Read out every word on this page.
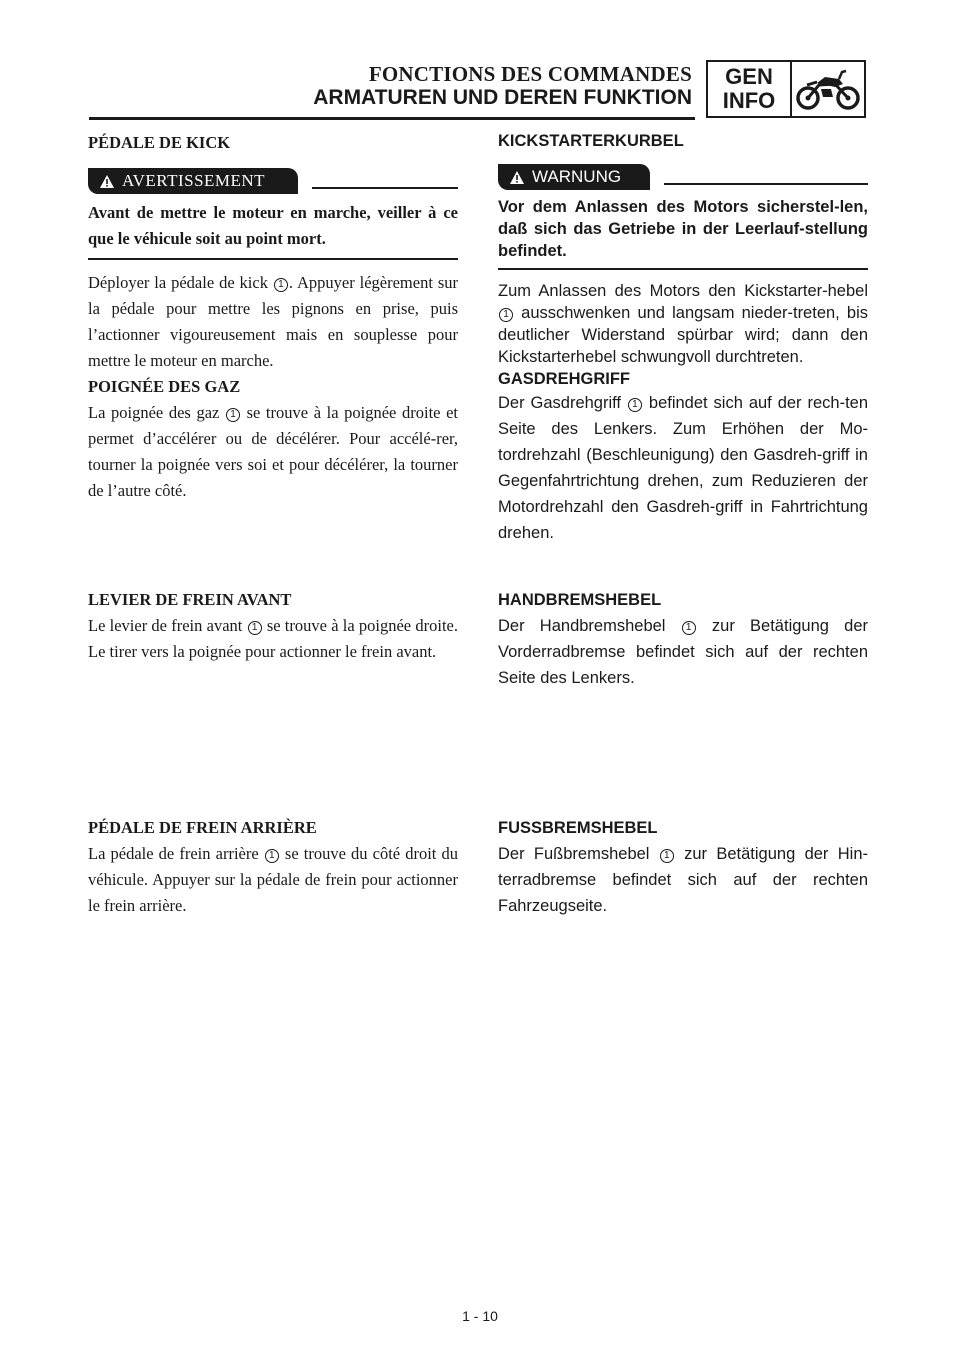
FONCTIONS DES COMMANDES
ARMATUREN UND DEREN FUNKTION
GEN
INFO

PÉDALE DE KICK

AVERTISSEMENT

Avant de mettre le moteur en marche, veiller à ce que le véhicule soit au point mort.

Déployer la pédale de kick 1 . Appuyer légèrement sur la pédale pour mettre les pignons en prise, puis l’actionner vigoureusement mais en souplesse pour mettre le moteur en marche.

POIGNÉE DES GAZ

La poignée des gaz 1 se trouve à la poignée droite et permet d’accélérer ou de décélérer. Pour accélé-rer, tourner la poignée vers soi et pour décélérer, la tourner de l’autre côté.

KICKSTARTERKURBEL

WARNUNG

Vor dem Anlassen des Motors sicherstel-len, daß sich das Getriebe in der Leerlauf-stellung befindet.

Zum Anlassen des Motors den Kickstarter-hebel 1 ausschwenken und langsam nieder-treten, bis deutlicher Widerstand spürbar wird; dann den Kickstarterhebel schwungvoll durchtreten.

GASDREHGRIFF

Der Gasdrehgriff 1 befindet sich auf der rech-ten Seite des Lenkers. Zum Erhöhen der Mo-tordrehzahl (Beschleunigung) den Gasdreh-griff in Gegenfahrtrichtung drehen, zum Reduzieren der Motordrehzahl den Gasdreh-griff in Fahrtrichtung drehen.

LEVIER DE FREIN AVANT

Le levier de frein avant 1 se trouve à la poignée droite. Le tirer vers la poignée pour actionner le frein avant.

HANDBREMSHEBEL

Der Handbremshebel 1 zur Betätigung der Vorderradbremse befindet sich auf der rechten Seite des Lenkers.

PÉDALE DE FREIN ARRIÈRE

La pédale de frein arrière 1 se trouve du côté droit du véhicule. Appuyer sur la pédale de frein pour actionner le frein arrière.

FUSSBREMSHEBEL

Der Fußbremshebel 1 zur Betätigung der Hin-terradbremse befindet sich auf der rechten Fahrzeugseite.

1 - 10
